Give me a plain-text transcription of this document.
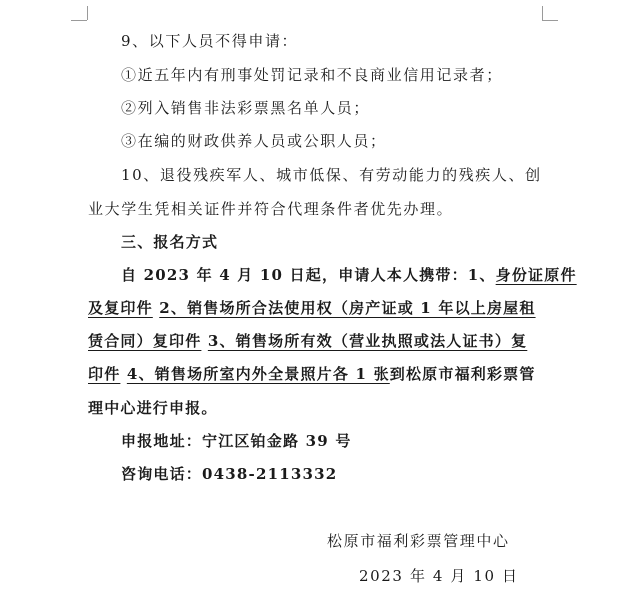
9、以下人员不得申请：
①近五年内有刑事处罚记录和不良商业信用记录者；
②列入销售非法彩票黑名单人员；
③在编的财政供养人员或公职人员；
10、退役残疾军人、城市低保、有劳动能力的残疾人、创
业大学生凭相关证件并符合代理条件者优先办理。
三、报名方式
自 2023 年 4 月 10 日起，申请人本人携带：1、身份证原件
及复印件 2、销售场所合法使用权（房产证或 1 年以上房屋租
赁合同）复印件 3、销售场所有效（营业执照或法人证书）复
印件 4、销售场所室内外全景照片各 1 张到松原市福利彩票管
理中心进行申报。
申报地址：宁江区铂金路 39 号
咨询电话：0438-2113332
松原市福利彩票管理中心
2023 年 4 月 10 日
